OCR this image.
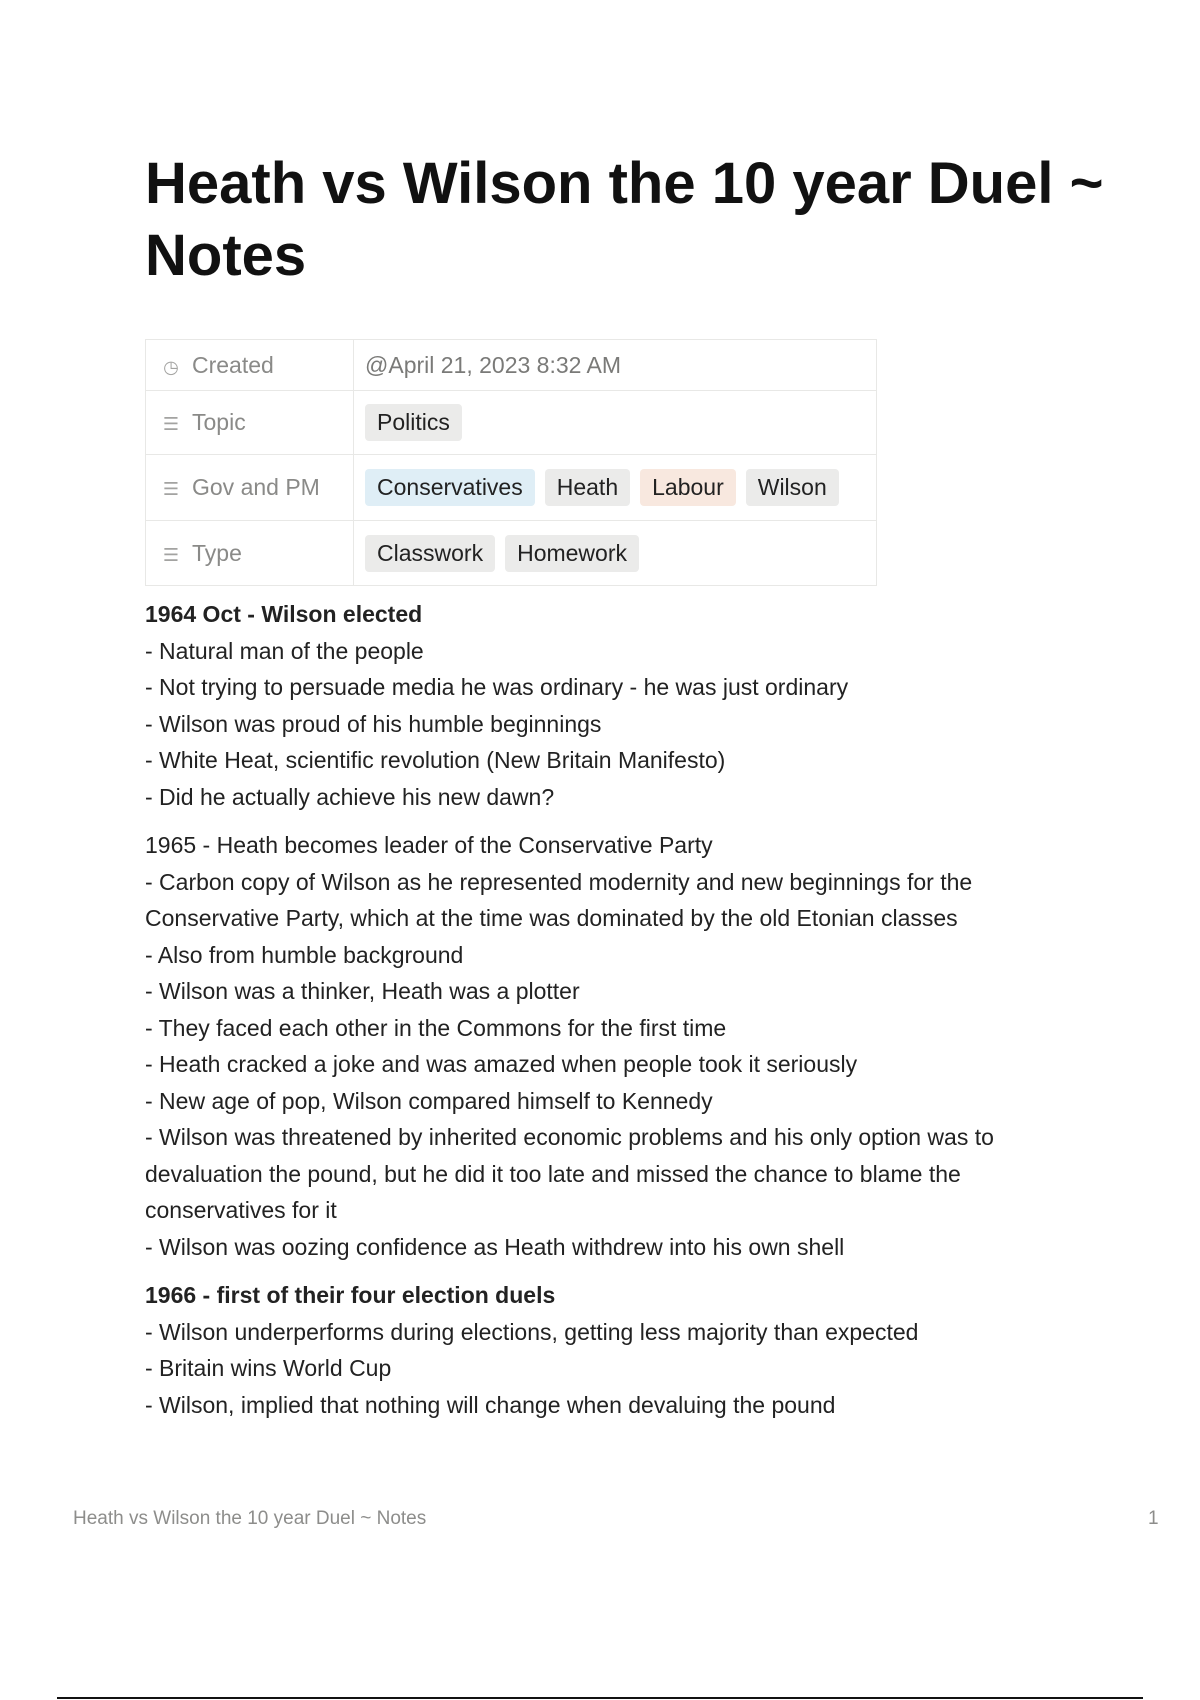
Heath vs Wilson the 10 year Duel ~ Notes
◷ Created	@April 21, 2023 8:32 AM
☰ Topic	Politics
☰ Gov and PM	Conservatives Heath Labour Wilson
☰ Type	Classwork Homework

1964 Oct - Wilson elected

- Natural man of the people

- Not trying to persuade media he was ordinary - he was just ordinary

- Wilson was proud of his humble beginnings

- White Heat, scientific revolution (New Britain Manifesto)

- Did he actually achieve his new dawn?

1965 - Heath becomes leader of the Conservative Party

- Carbon copy of Wilson as he represented modernity and new beginnings for the Conservative Party, which at the time was dominated by the old Etonian classes

- Also from humble background

- Wilson was a thinker, Heath was a plotter

- They faced each other in the Commons for the first time

- Heath cracked a joke and was amazed when people took it seriously

- New age of pop, Wilson compared himself to Kennedy

- Wilson was threatened by inherited economic problems and his only option was to devaluation the pound, but he did it too late and missed the chance to blame the conservatives for it

- Wilson was oozing confidence as Heath withdrew into his own shell

1966 - first of their four election duels

- Wilson underperforms during elections, getting less majority than expected

- Britain wins World Cup

- Wilson, implied that nothing will change when devaluing the pound

Heath vs Wilson the 10 year Duel ~ Notes	1
